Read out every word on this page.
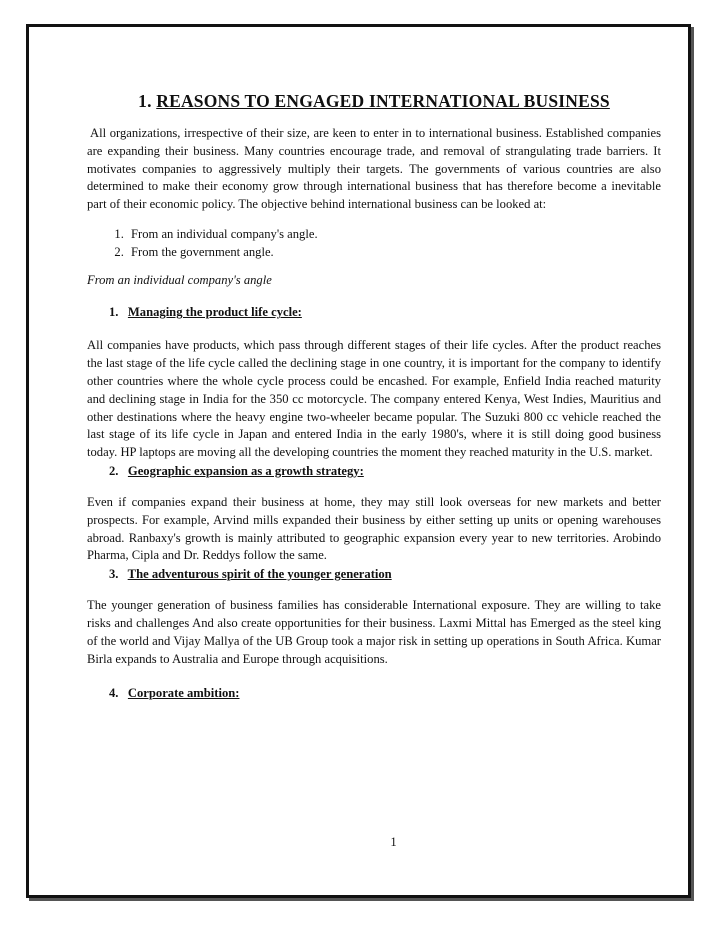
1. REASONS TO ENGAGED INTERNATIONAL BUSINESS

All organizations, irrespective of their size, are keen to enter in to international business. Established companies are expanding their business. Many countries encourage trade, and removal of strangulating trade barriers. It motivates companies to aggressively multiply their targets. The governments of various countries are also determined to make their economy grow through international business that has therefore become a inevitable part of their economic policy. The objective behind international business can be looked at:

1. From an individual company's angle.
2. From the government angle.

From an individual company's angle

1. Managing the product life cycle:

All companies have products, which pass through different stages of their life cycles. After the product reaches the last stage of the life cycle called the declining stage in one country, it is important for the company to identify other countries where the whole cycle process could be encashed. For example, Enfield India reached maturity and declining stage in India for the 350 cc motorcycle. The company entered Kenya, West Indies, Mauritius and other destinations where the heavy engine two-wheeler became popular. The Suzuki 800 cc vehicle reached the last stage of its life cycle in Japan and entered India in the early 1980's, where it is still doing good business today. HP laptops are moving all the developing countries the moment they reached maturity in the U.S. market.

2. Geographic expansion as a growth strategy:

Even if companies expand their business at home, they may still look overseas for new markets and better prospects. For example, Arvind mills expanded their business by either setting up units or opening warehouses abroad. Ranbaxy's growth is mainly attributed to geographic expansion every year to new territories. Arobindo Pharma, Cipla and Dr. Reddys follow the same.

3. The adventurous spirit of the younger generation

The younger generation of business families has considerable International exposure. They are willing to take risks and challenges And also create opportunities for their business. Laxmi Mittal has Emerged as the steel king of the world and Vijay Mallya of the UB Group took a major risk in setting up operations in South Africa. Kumar Birla expands to Australia and Europe through acquisitions.

4. Corporate ambition:

1
